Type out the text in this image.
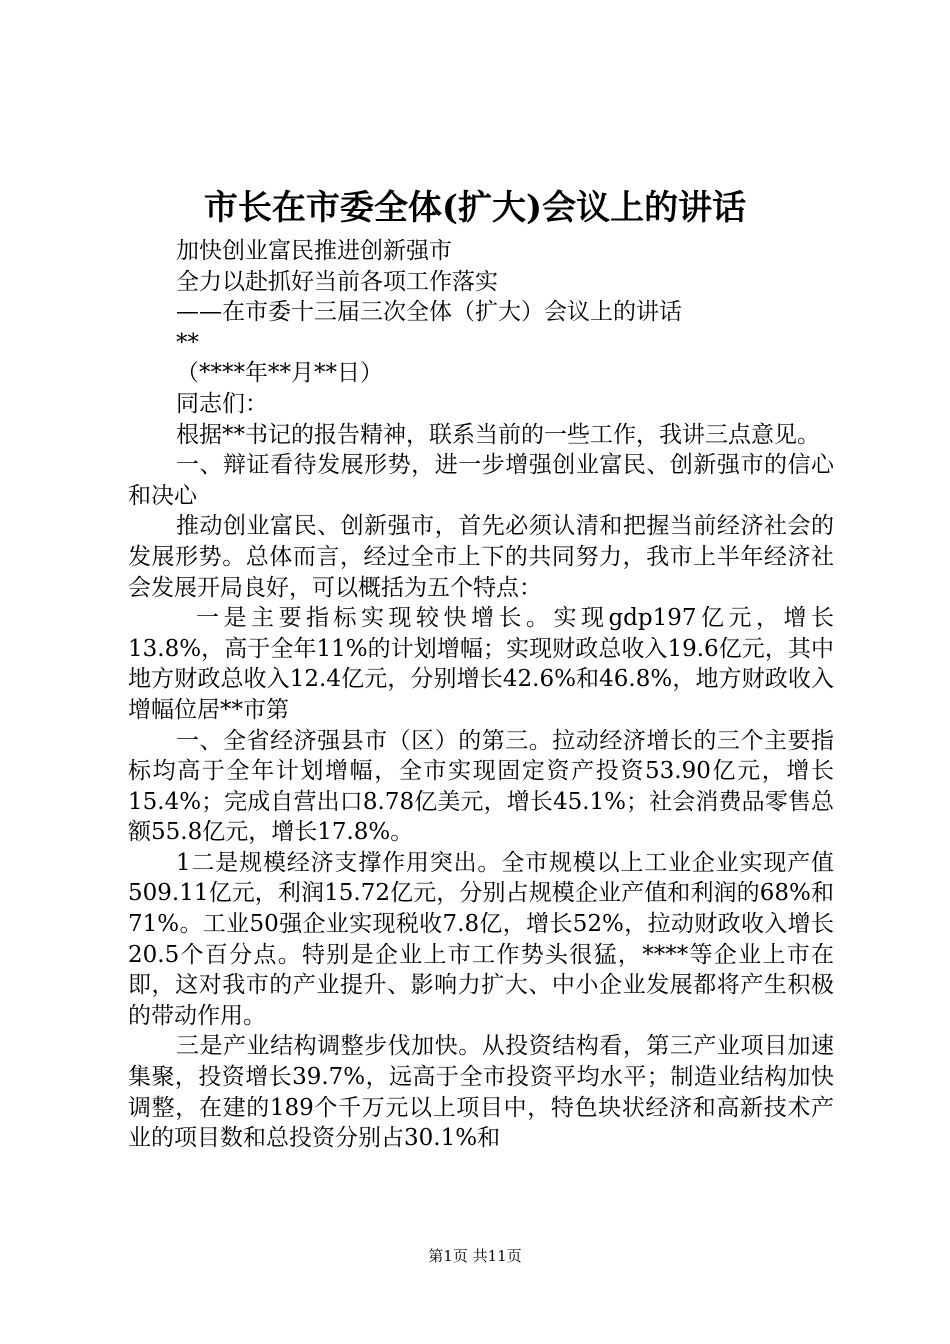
市长在市委全体(扩大)会议上的讲话

加快创业富民推进创新强市

全力以赴抓好当前各项工作落实

——在市委十三届三次全体（扩大）会议上的讲话

**

（****年**月**日）

同志们：

根据**书记的报告精神，联系当前的一些工作，我讲三点意见。

一、辩证看待发展形势，进一步增强创业富民、创新强市的信心和决心

推动创业富民、创新强市，首先必须认清和把握当前经济社会的发展形势。总体而言，经过全市上下的共同努力，我市上半年经济社会发展开局良好，可以概括为五个特点：

一是主要指标实现较快增长。实现gdp197亿元，增长13.8%，高于全年11%的计划增幅；实现财政总收入19.6亿元，其中地方财政总收入12.4亿元，分别增长42.6%和46.8%，地方财政收入增幅位居**市第

一、全省经济强县市（区）的第三。拉动经济增长的三个主要指标均高于全年计划增幅，全市实现固定资产投资53.90亿元，增长15.4%；完成自营出口8.78亿美元，增长45.1%；社会消费品零售总额55.8亿元，增长17.8%。

1二是规模经济支撑作用突出。全市规模以上工业企业实现产值509.11亿元，利润15.72亿元，分别占规模企业产值和利润的68%和71%。工业50强企业实现税收7.8亿，增长52%，拉动财政收入增长20.5个百分点。特别是企业上市工作势头很猛，****等企业上市在即，这对我市的产业提升、影响力扩大、中小企业发展都将产生积极的带动作用。

三是产业结构调整步伐加快。从投资结构看，第三产业项目加速集聚，投资增长39.7%，远高于全市投资平均水平；制造业结构加快调整，在建的189个千万元以上项目中，特色块状经济和高新技术产业的项目数和总投资分别占30.1%和

第1页 共11页
